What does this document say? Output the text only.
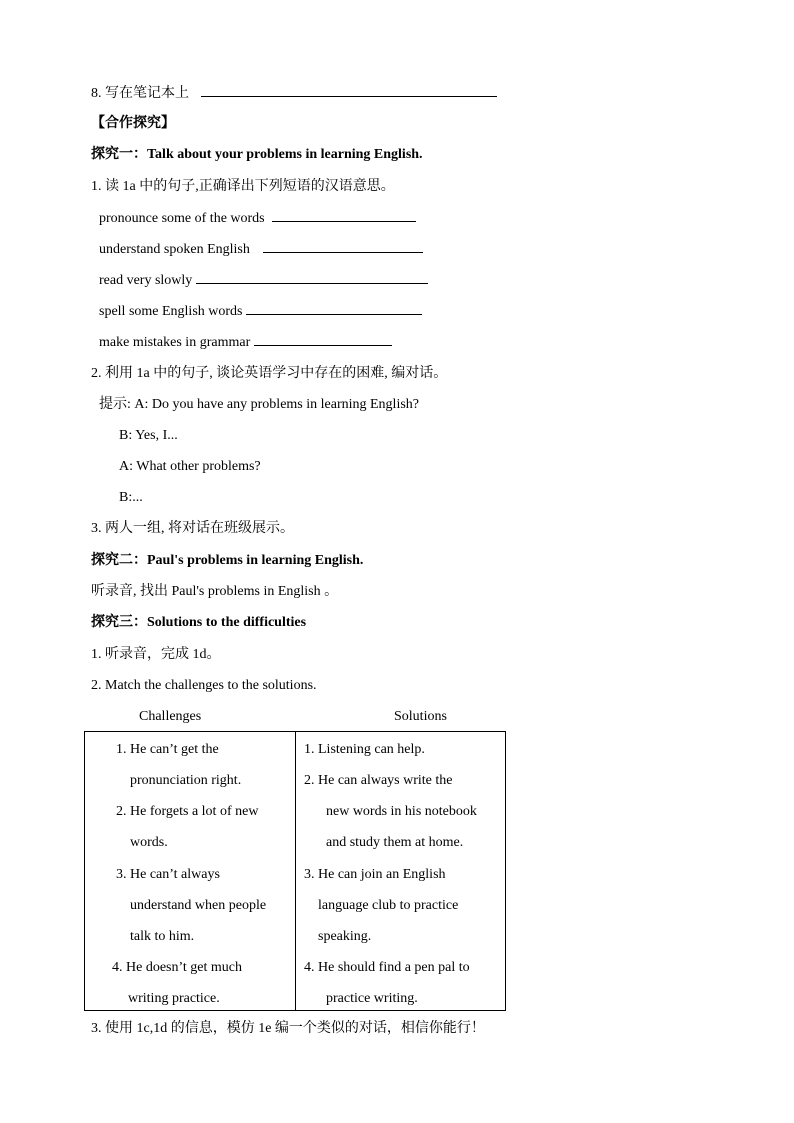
8. 写在笔记本上
【合作探究】
探究一：Talk about your problems in learning English.
1. 读 1a 中的句子,正确译出下列短语的汉语意思。
pronounce some of the words
understand spoken English
read very slowly
spell some English words
make mistakes in grammar
2. 利用 1a 中的句子, 谈论英语学习中存在的困难, 编对话。
提示: A: Do you have any problems in learning English?
B: Yes, I...
A: What other problems?
B:...
3. 两人一组, 将对话在班级展示。
探究二：Paul's problems in learning English.
听录音, 找出 Paul's problems in English 。
探究三：Solutions to the difficulties
1. 听录音，完成 1d。
2. Match the challenges to the solutions.
Challenges	Solutions
1. He can’t get the
pronunciation right.
2. He forgets a lot of new
words.
3. He can’t always
understand when people
talk to him.
4. He doesn’t get much
writing practice.
1. Listening can help.
2. He can always write the
new words in his notebook
and study them at home.
3. He can join an English
language club to practice
speaking.
4. He should find a pen pal to
practice writing.
3. 使用 1c,1d 的信息，模仿 1e 编一个类似的对话，相信你能行！
